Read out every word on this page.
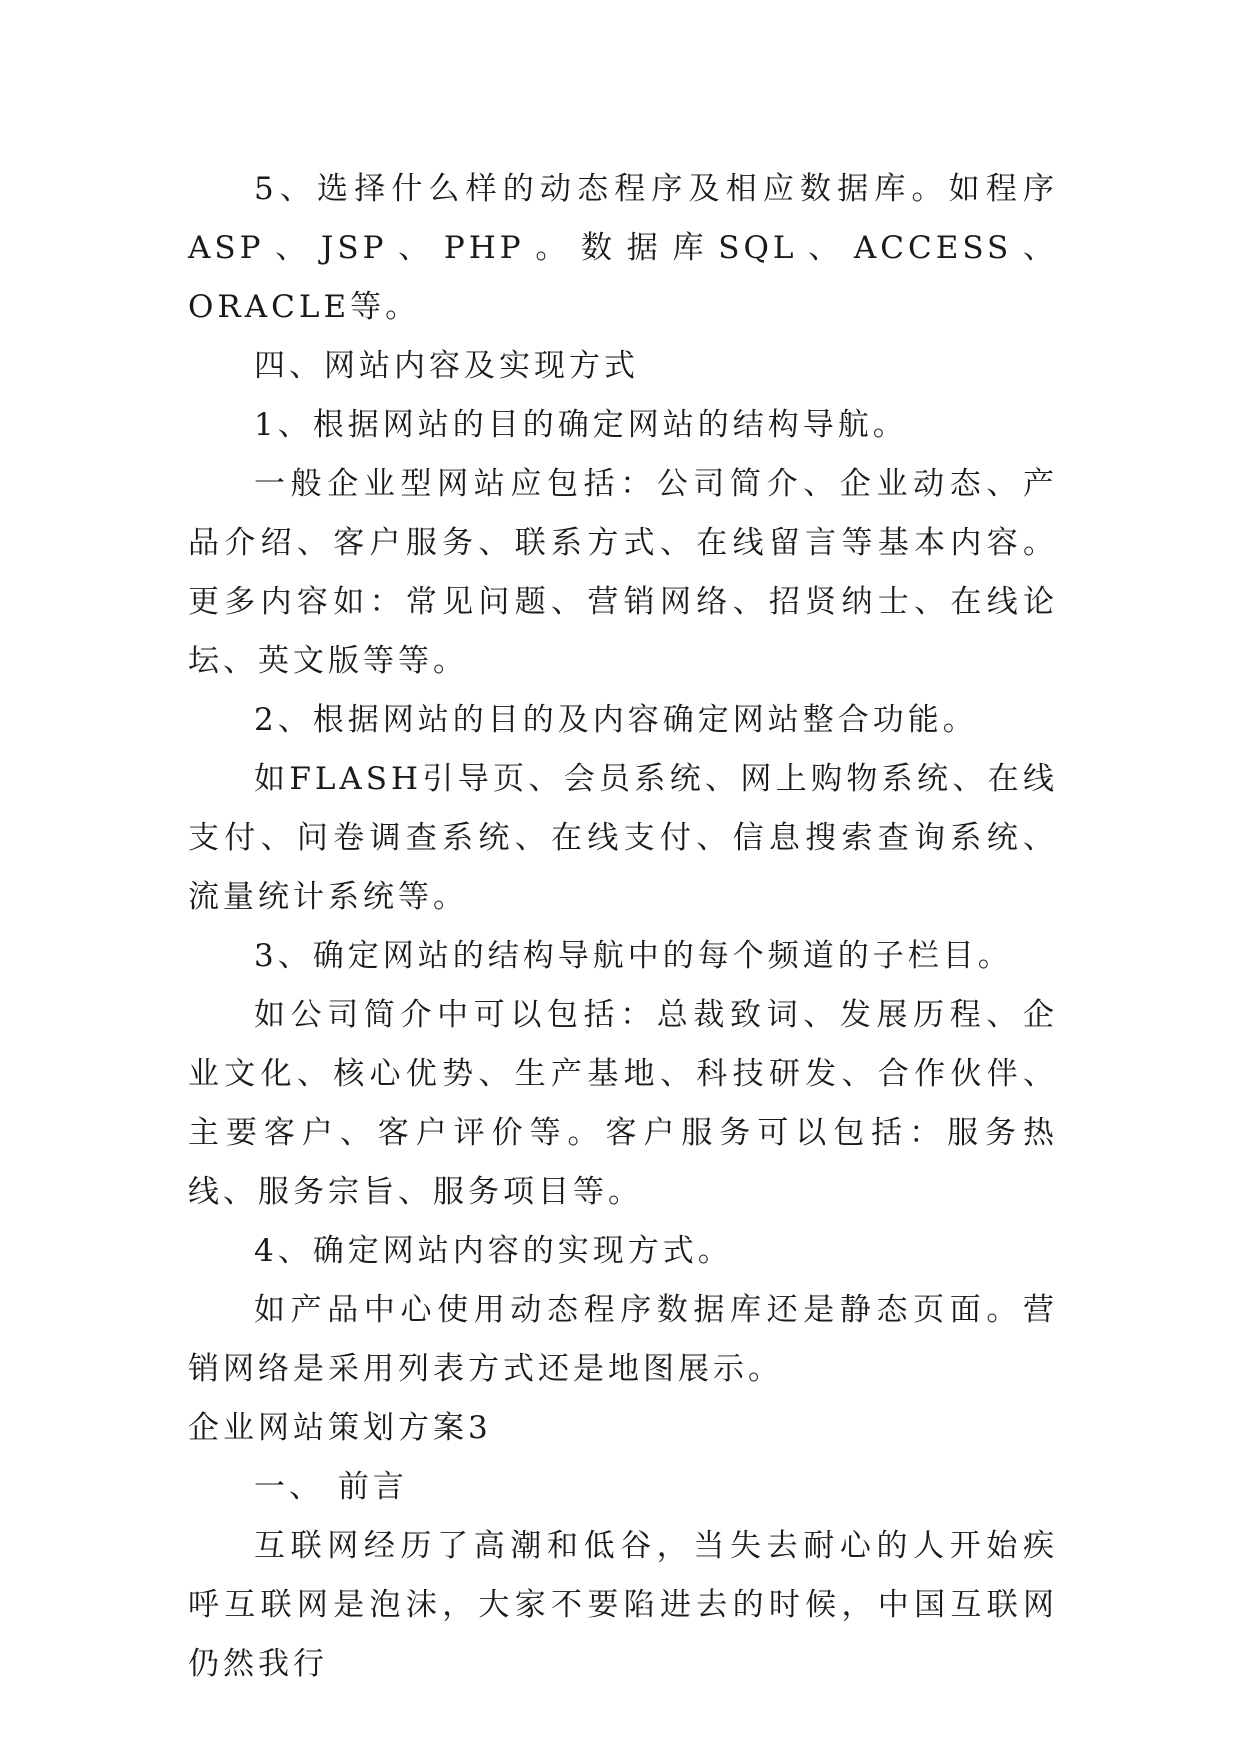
5、选择什么样的动态程序及相应数据库。如程序ASP、JSP、PHP。数据库SQL、ACCESS、ORACLE等。

四、网站内容及实现方式

1、根据网站的目的确定网站的结构导航。

一般企业型网站应包括：公司简介、企业动态、产品介绍、客户服务、联系方式、在线留言等基本内容。更多内容如：常见问题、营销网络、招贤纳士、在线论坛、英文版等等。

2、根据网站的目的及内容确定网站整合功能。

如FLASH引导页、会员系统、网上购物系统、在线支付、问卷调查系统、在线支付、信息搜索查询系统、流量统计系统等。

3、确定网站的结构导航中的每个频道的子栏目。

如公司简介中可以包括：总裁致词、发展历程、企业文化、核心优势、生产基地、科技研发、合作伙伴、主要客户、客户评价等。客户服务可以包括：服务热线、服务宗旨、服务项目等。

4、确定网站内容的实现方式。

如产品中心使用动态程序数据库还是静态页面。营销网络是采用列表方式还是地图展示。

企业网站策划方案3

一、 前言

互联网经历了高潮和低谷，当失去耐心的人开始疾呼互联网是泡沫，大家不要陷进去的时候，中国互联网仍然我行
